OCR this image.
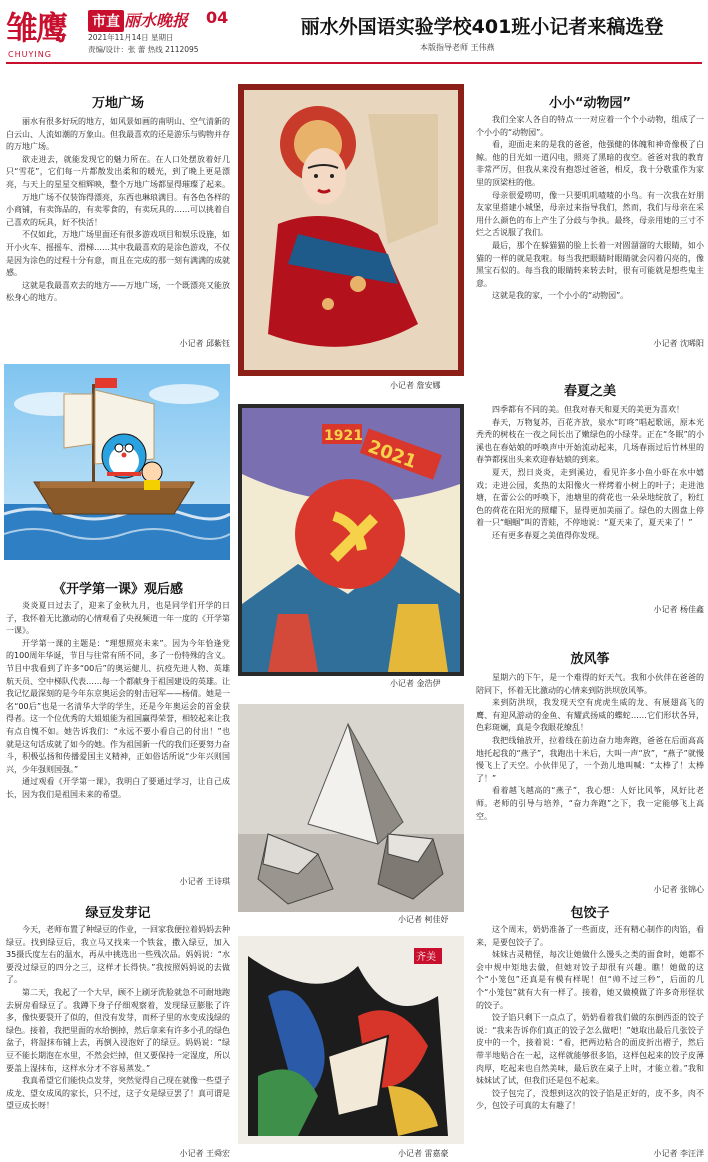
雏鹰
CHUYING
市直 丽水晚报 04
2021年11月14日 星期日
责编/设计：张 蕾 热线 2112095
丽水外国语实验学校401班小记者来稿选登
本版指导老师 王伟燕
万地广场

丽水有很多好玩的地方，如风景如画的南明山、空气清新的白云山、人流如潮的万象山。但我最喜欢的还是游乐与购物并存的万地广场。

欲走进去，就能发现它的魅力所在。在人口处摆放着好几只“雪花”，它们每一片都散发出柔和的暖光，到了晚上更是漂亮，与天上的星星交相辉映，整个万地广场都显得璀璨了起来。

万地广场不仅装饰得漂亮，东西也琳琅满目。有各色各样的小商铺，有卖饰品的，有卖零食的，有卖玩具的……可以挑着自己喜欢的玩具，好不快活！

不仅如此，万地广场里面还有很多游戏项目和娱乐设施，如开小火车、摇摇车、滑梯……其中我最喜欢的是涂色游戏，不仅是因为涂色的过程十分有意，而且在完成的那一刻有满满的成就感。

这就是我最喜欢去的地方——万地广场，一个既漂亮又能放松身心的地方。

小记者 邱紫钰
《开学第一课》观后感

炎炎夏日过去了，迎来了金秋九月，也是同学们开学的日子，我怀着无比激动的心情观看了央视频道一年一度的《开学第一课》。

开学第一课的主题是：“理想照亮未来”。因为今年恰逢党的100周年华诞，节目与往常有所不同，多了一份特殊的含义。节目中我看到了许多“00后”的奥运健儿、抗疫先进人物、英雄航天员、空中梯队代表……每一个都献身于祖国建设的英雄。让我记忆最深刻的是今年东京奥运会的射击冠军——杨倩。她是一名“00后”也是一名清华大学的学生，还是今年奥运会的首金获得者。这一个位优秀的大姐姐能为祖国赢得荣誉，相较起来让我有点自愧不如。她告诉我们：“永远不要小看自己的付出！”也就是这句话成就了如今的她。作为祖国新一代的我们还要努力奋斗，积极弘扬和传播爱国主义精神，正如俗话所说“少年兴则国兴，少年强则国强。”

通过观看《开学第一课》，我明白了要通过学习，让自己成长，因为我们是祖国未来的希望。

小记者 王诗琪
绿豆发芽记

今天，老师布置了种绿豆的作业，一回家我便拉着妈妈去种绿豆。找到绿豆后，我立马又找来一个铁盆，撒入绿豆，加入35摄氏度左右的温水，再从中挑选出一些残次品。妈妈说：“水要没过绿豆的四分之三，这样才长得快。”我按照妈妈说的去做了。

第二天，我起了一个大早，顾不上刷牙洗脸就急不可耐地跑去厨房看绿豆了。我蹲下身子仔细观察着，发现绿豆膨胀了许多，像快要裂开了似的，但没有发芽，而杯子里的水变成浅绿的绿色。接着，我把里面的水给倒掉，然后拿来有许多小孔的绿色盆子，将湿抹布铺上去，再倒入浸泡好了的绿豆。妈妈说：“绿豆不能长期泡在水里，不然会烂掉，但又要保持一定湿度，所以要盖上湿抹布，这样水分才不容易蒸发。”

我真希望它们能快点发芽，突然觉得自己现在就像一些望子成龙、望女成凤的家长，只不过，这子女是绿豆罢了！真可谓是望豆成长呀！

小记者 王舜宏
小记者 詹安娜
2021
1921
小记者 金浩伊
小记者 柯佳妤
齐美
小记者 雷嘉豪
小小“动物园”

我们全家人各自的特点一一对应着一个个小动物，组成了一个小小的“动物园”。

看，迎面走来的是我的爸爸，他强健的体魄和神奇像极了白鲸。他的目光如一道闪电，照亮了黑暗的夜空。爸爸对我的教育非常严厉，但我从来没有抱怨过爸爸，相反，我十分敬重作为家里的顶梁柱的他。

母亲很爱唠叨，像一只要叽叽喳喳的小鸟。有一次我在好朋友家里搭建小城堡，母亲过来指导我们，然而，我们与母亲在采用什么颜色的布上产生了分歧与争执。最终，母亲用她的三寸不烂之舌说服了我们。

最后，那个在躲猫猫的脸上长着一对圆溜溜的大眼睛，如小猫的一样的就是我啦。每当我把眼睛时眼睛就会闪着闪亮的，像黑宝石似的。每当我的眼睛转来转去时，很有可能就是想些鬼主意。

这就是我的家，一个小小的“动物园”。

小记者 沈晞阳
春夏之美

四季都有不同的美。但我对春天和夏天的美更为喜欢！

春天，万物复苏，百花齐放，泉水“叮咚”唱起歌谣，原本光秃秃的树枝在一夜之间长出了嫩绿色的小绿芽。正在“冬眠”的小溪也在春姑娘的呼唤声中开始流动起来，几场春雨过后竹林里的春笋都探出头来欢迎春姑娘的到来。

夏天，烈日炎炎，走到溪边，看见许多小鱼小虾在水中嬉戏；走进公园，炙热的太阳像火一样烤着小树上的叶子；走进池塘，在蕾公公的呼唤下，池塘里的荷花也一朵朵地绽放了，粉红色的荷花在阳光的照耀下，显得更加美丽了。绿色的大圆盘上停着一只“蝈蝈”叫的青蛙，不停地说：“夏天来了，夏天来了！”

还有更多春夏之美值得你发现。

小记者 杨佳鑫
放风筝

星期六的下午，是一个难得的好天气。我和小伙伴在爸爸的陪同下，怀着无比激动的心情来到防洪坝放风筝。

来到防洪坝，我发现天空有虎虎生威的龙、有展翅高飞的鹰、有迎风游动的金鱼、有耀武扬威的蝶蛇……它们形状各异，色彩斑斓，真是令我眼花缭乱！

我把线轴放开，拉着线在前边奋力地奔跑，爸爸在后面高高地托起我的“燕子”，我跑出十米后，大叫一声“放”，“燕子”就慢慢飞上了天空。小伙伴见了，一个劲儿地叫喊：“太棒了！太棒了！”

看着越飞越高的“燕子”，我心想：人好比风筝，风好比老师。老师的引导与培养，“奋力奔跑”之下，我一定能够飞上高空。

小记者 张锦心
包饺子

这个周末，奶奶准备了一些面皮，还有精心制作的肉馅，看来，是要包饺子了。

妹妹古灵精怪，每次让她做什么馒头之类的面食时，她都不会中规中矩地去做，但她对饺子却很有兴趣。瞧！她做的这个“小笼包”还真是有模有样呢！但“帅不过三秒”，后面的几个“小笼包”就有大有一样了。接着，她又做模做了许多奇形怪状的饺子。

饺子馅只剩下一点点了，奶奶看着我们做的东倒西歪的饺子说：“我来告诉你们真正的饺子怎么做吧！”她取出最后几张饺子皮中的一个，接着说：“看，把两边粘合的面皮折出褶子，然后带半地贴合在一起，这样就能够很多馅，这样包起来的饺子皮薄肉厚，吃起来也自然美味，最后放在桌子上时，才能立着。”我和妹妹试了试，但我们还是包不起来。

饺子包完了，没想到这次的饺子馅是正好的，皮不多，肉不少，包饺子可真的太有趣了！

小记者 李汪洋
